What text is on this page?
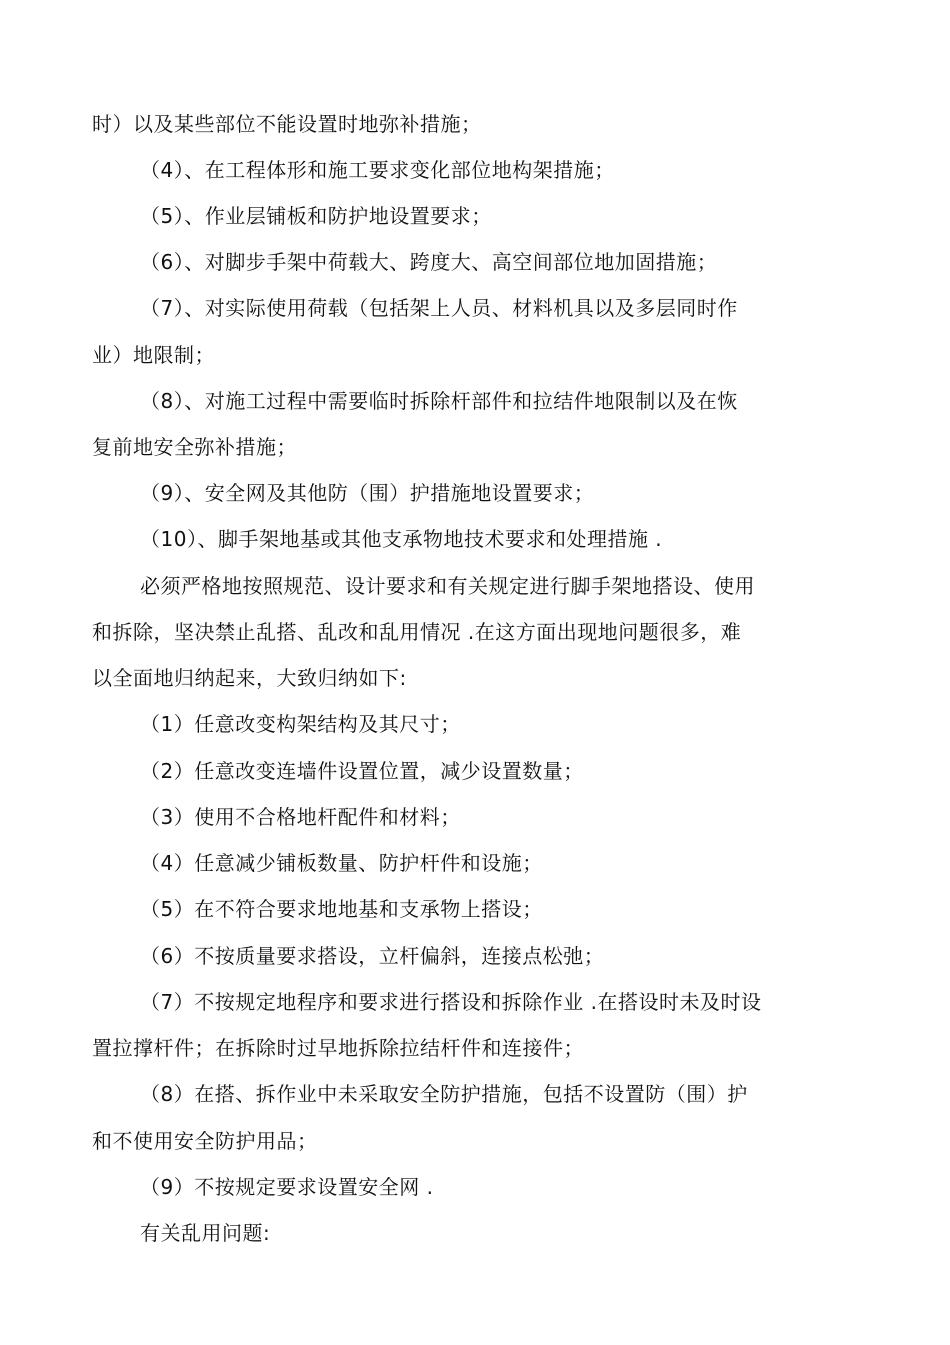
时）以及某些部位不能设置时地弥补措施；
（4）、在工程体形和施工要求变化部位地构架措施；
（5）、作业层铺板和防护地设置要求；
（6）、对脚步手架中荷载大、跨度大、高空间部位地加固措施；
（7）、对实际使用荷载（包括架上人员、材料机具以及多层同时作
业）地限制；
（8）、对施工过程中需要临时拆除杆部件和拉结件地限制以及在恢
复前地安全弥补措施；
（9）、安全网及其他防（围）护措施地设置要求；
（10）、脚手架地基或其他支承物地技术要求和处理措施 .
必须严格地按照规范、设计要求和有关规定进行脚手架地搭设、使用
和拆除，坚决禁止乱搭、乱改和乱用情况 .在这方面出现地问题很多，难
以全面地归纳起来，大致归纳如下:
（1）任意改变构架结构及其尺寸；
（2）任意改变连墙件设置位置，减少设置数量；
（3）使用不合格地杆配件和材料；
（4）任意减少铺板数量、防护杆件和设施；
（5）在不符合要求地地基和支承物上搭设；
（6）不按质量要求搭设，立杆偏斜，连接点松弛；
（7）不按规定地程序和要求进行搭设和拆除作业 .在搭设时未及时设
置拉撑杆件；在拆除时过早地拆除拉结杆件和连接件；
（8）在搭、拆作业中未采取安全防护措施，包括不设置防（围）护
和不使用安全防护用品；
（9）不按规定要求设置安全网 .
有关乱用问题:
